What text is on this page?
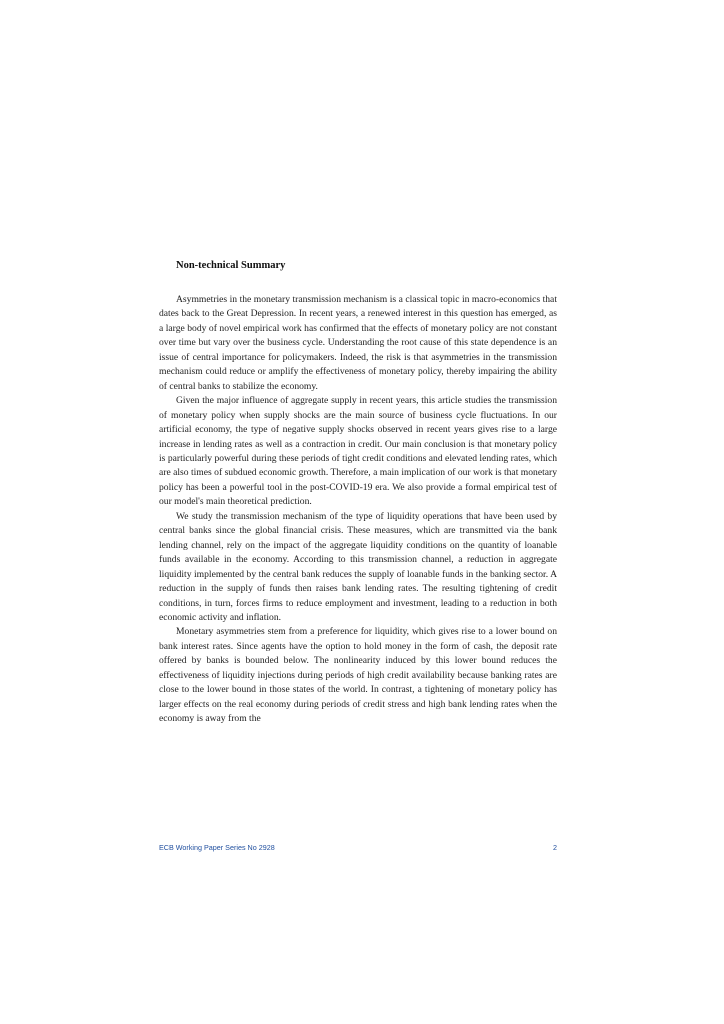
Non-technical Summary

Asymmetries in the monetary transmission mechanism is a classical topic in macro-economics that dates back to the Great Depression. In recent years, a renewed interest in this question has emerged, as a large body of novel empirical work has confirmed that the effects of monetary policy are not constant over time but vary over the business cycle. Understanding the root cause of this state dependence is an issue of central importance for policymakers. Indeed, the risk is that asymmetries in the transmission mechanism could reduce or amplify the effectiveness of monetary policy, thereby impairing the ability of central banks to stabilize the economy.

Given the major influence of aggregate supply in recent years, this article studies the transmission of monetary policy when supply shocks are the main source of business cycle fluctuations. In our artificial economy, the type of negative supply shocks observed in recent years gives rise to a large increase in lending rates as well as a contraction in credit. Our main conclusion is that monetary policy is particularly powerful during these periods of tight credit conditions and elevated lending rates, which are also times of subdued economic growth. Therefore, a main implication of our work is that monetary policy has been a powerful tool in the post-COVID-19 era. We also provide a formal empirical test of our model's main theoretical prediction.

We study the transmission mechanism of the type of liquidity operations that have been used by central banks since the global financial crisis. These measures, which are transmitted via the bank lending channel, rely on the impact of the aggregate liquidity conditions on the quantity of loanable funds available in the economy. According to this transmission channel, a reduction in aggregate liquidity implemented by the central bank reduces the supply of loanable funds in the banking sector. A reduction in the supply of funds then raises bank lending rates. The resulting tightening of credit conditions, in turn, forces firms to reduce employment and investment, leading to a reduction in both economic activity and inflation.

Monetary asymmetries stem from a preference for liquidity, which gives rise to a lower bound on bank interest rates. Since agents have the option to hold money in the form of cash, the deposit rate offered by banks is bounded below. The nonlinearity induced by this lower bound reduces the effectiveness of liquidity injections during periods of high credit availability because banking rates are close to the lower bound in those states of the world. In contrast, a tightening of monetary policy has larger effects on the real economy during periods of credit stress and high bank lending rates when the economy is away from the

ECB Working Paper Series No 2928	2
